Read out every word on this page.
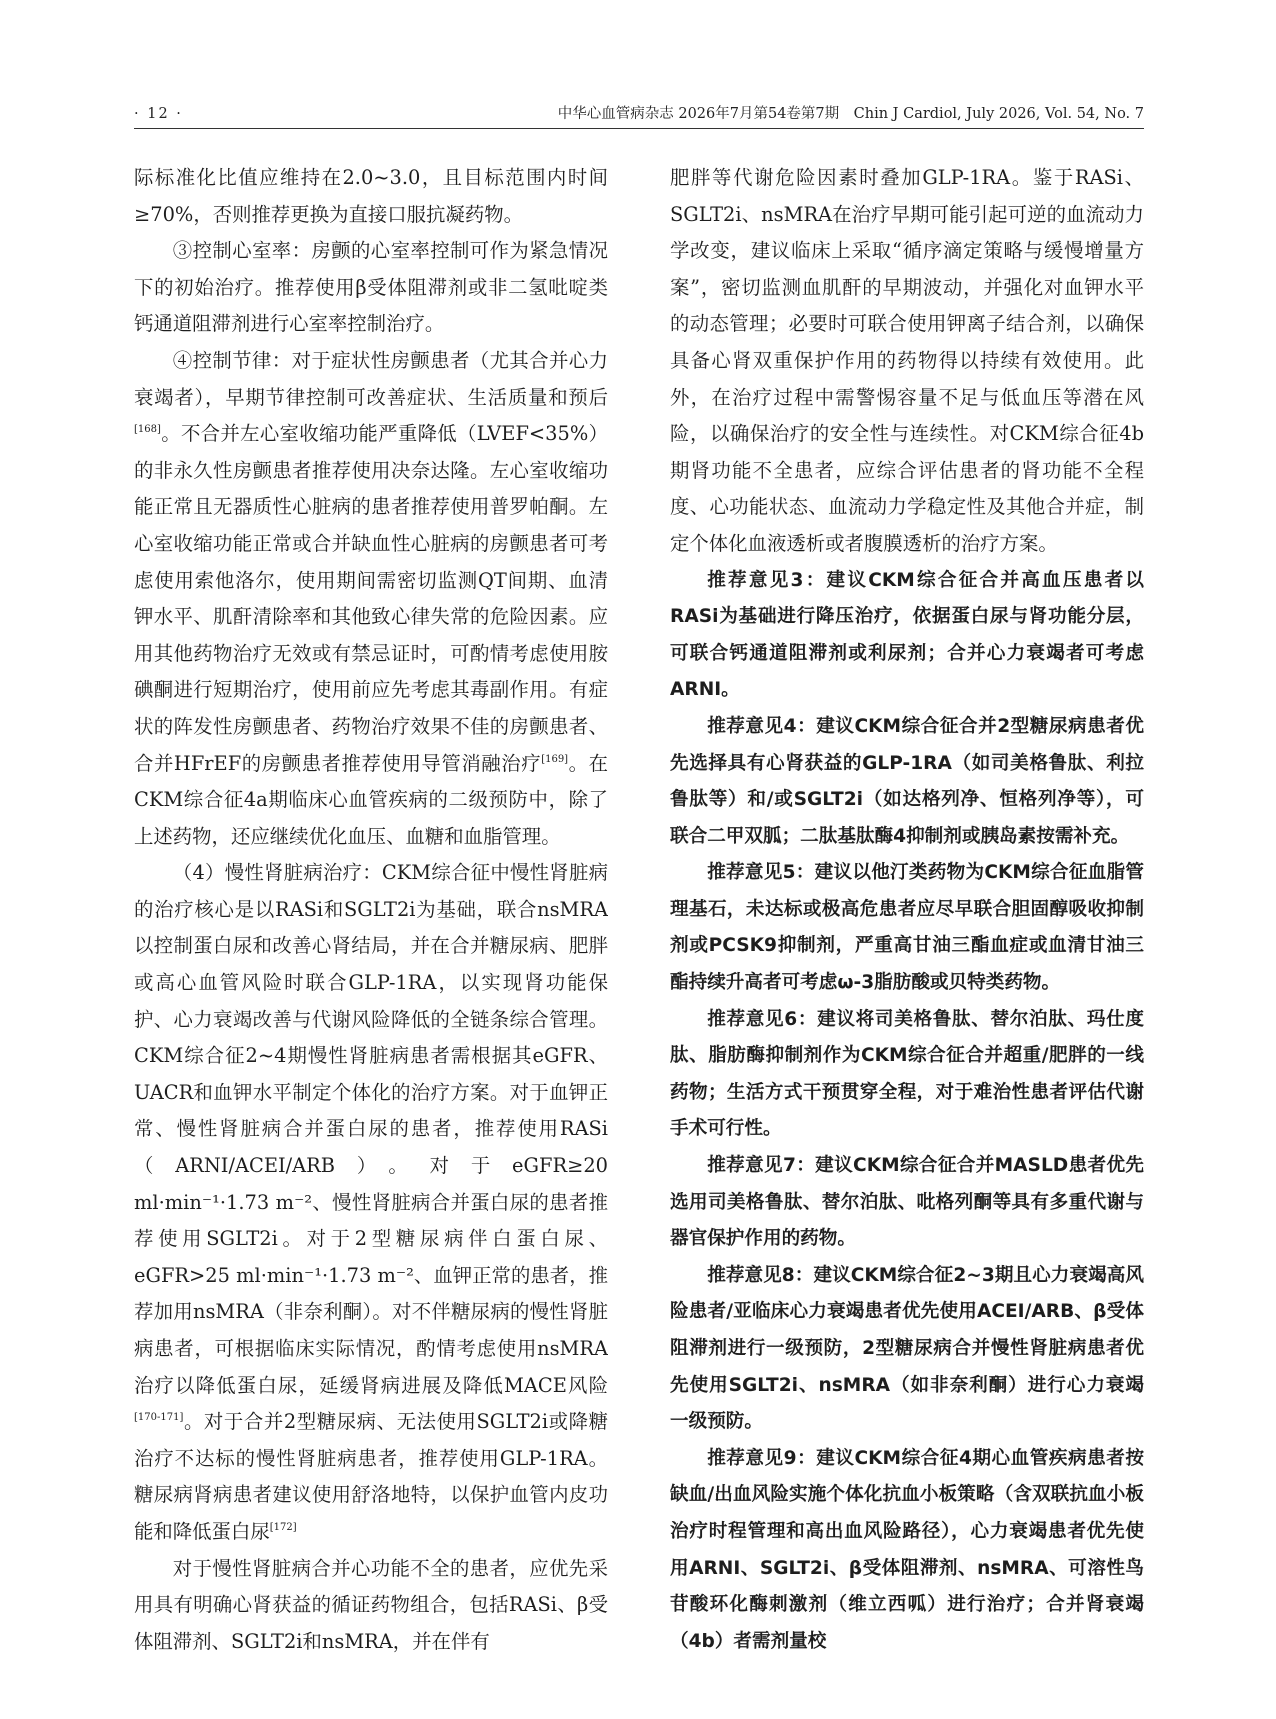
· 12 ·	中华心血管病杂志 2026年7月第54卷第7期　Chin J Cardiol, July 2026, Vol. 54, No. 7

际标准化比值应维持在2.0~3.0，且目标范围内时间≥70%，否则推荐更换为直接口服抗凝药物。

③控制心室率：房颤的心室率控制可作为紧急情况下的初始治疗。推荐使用β受体阻滞剂或非二氢吡啶类钙通道阻滞剂进行心室率控制治疗。

④控制节律：对于症状性房颤患者（尤其合并心力衰竭者），早期节律控制可改善症状、生活质量和预后[168]。不合并左心室收缩功能严重降低（LVEF<35%）的非永久性房颤患者推荐使用决奈达隆。左心室收缩功能正常且无器质性心脏病的患者推荐使用普罗帕酮。左心室收缩功能正常或合并缺血性心脏病的房颤患者可考虑使用索他洛尔，使用期间需密切监测QT间期、血清钾水平、肌酐清除率和其他致心律失常的危险因素。应用其他药物治疗无效或有禁忌证时，可酌情考虑使用胺碘酮进行短期治疗，使用前应先考虑其毒副作用。有症状的阵发性房颤患者、药物治疗效果不佳的房颤患者、合并HFrEF的房颤患者推荐使用导管消融治疗[169]。在CKM综合征4a期临床心血管疾病的二级预防中，除了上述药物，还应继续优化血压、血糖和血脂管理。

（4）慢性肾脏病治疗：CKM综合征中慢性肾脏病的治疗核心是以RASi和SGLT2i为基础，联合nsMRA以控制蛋白尿和改善心肾结局，并在合并糖尿病、肥胖或高心血管风险时联合GLP-1RA，以实现肾功能保护、心力衰竭改善与代谢风险降低的全链条综合管理。CKM综合征2~4期慢性肾脏病患者需根据其eGFR、UACR和血钾水平制定个体化的治疗方案。对于血钾正常、慢性肾脏病合并蛋白尿的患者，推荐使用RASi（ARNI/ACEI/ARB）。对于eGFR≥20 ml·min⁻¹·1.73 m⁻²、慢性肾脏病合并蛋白尿的患者推荐使用SGLT2i。对于2型糖尿病伴白蛋白尿、eGFR>25 ml·min⁻¹·1.73 m⁻²、血钾正常的患者，推荐加用nsMRA（非奈利酮）。对不伴糖尿病的慢性肾脏病患者，可根据临床实际情况，酌情考虑使用nsMRA治疗以降低蛋白尿，延缓肾病进展及降低MACE风险[170-171]。对于合并2型糖尿病、无法使用SGLT2i或降糖治疗不达标的慢性肾脏病患者，推荐使用GLP-1RA。糖尿病肾病患者建议使用舒洛地特，以保护血管内皮功能和降低蛋白尿[172]

对于慢性肾脏病合并心功能不全的患者，应优先采用具有明确心肾获益的循证药物组合，包括RASi、β受体阻滞剂、SGLT2i和nsMRA，并在伴有

肥胖等代谢危险因素时叠加GLP-1RA。鉴于RASi、SGLT2i、nsMRA在治疗早期可能引起可逆的血流动力学改变，建议临床上采取“循序滴定策略与缓慢增量方案”，密切监测血肌酐的早期波动，并强化对血钾水平的动态管理；必要时可联合使用钾离子结合剂，以确保具备心肾双重保护作用的药物得以持续有效使用。此外，在治疗过程中需警惕容量不足与低血压等潜在风险，以确保治疗的安全性与连续性。对CKM综合征4b期肾功能不全患者，应综合评估患者的肾功能不全程度、心功能状态、血流动力学稳定性及其他合并症，制定个体化血液透析或者腹膜透析的治疗方案。

推荐意见3：建议CKM综合征合并高血压患者以RASi为基础进行降压治疗，依据蛋白尿与肾功能分层，可联合钙通道阻滞剂或利尿剂；合并心力衰竭者可考虑ARNI。

推荐意见4：建议CKM综合征合并2型糖尿病患者优先选择具有心肾获益的GLP-1RA（如司美格鲁肽、利拉鲁肽等）和/或SGLT2i（如达格列净、恒格列净等），可联合二甲双胍；二肽基肽酶4抑制剂或胰岛素按需补充。

推荐意见5：建议以他汀类药物为CKM综合征血脂管理基石，未达标或极高危患者应尽早联合胆固醇吸收抑制剂或PCSK9抑制剂，严重高甘油三酯血症或血清甘油三酯持续升高者可考虑ω-3脂肪酸或贝特类药物。

推荐意见6：建议将司美格鲁肽、替尔泊肽、玛仕度肽、脂肪酶抑制剂作为CKM综合征合并超重/肥胖的一线药物；生活方式干预贯穿全程，对于难治性患者评估代谢手术可行性。

推荐意见7：建议CKM综合征合并MASLD患者优先选用司美格鲁肽、替尔泊肽、吡格列酮等具有多重代谢与器官保护作用的药物。

推荐意见8：建议CKM综合征2~3期且心力衰竭高风险患者/亚临床心力衰竭患者优先使用ACEI/ARB、β受体阻滞剂进行一级预防，2型糖尿病合并慢性肾脏病患者优先使用SGLT2i、nsMRA（如非奈利酮）进行心力衰竭一级预防。

推荐意见9：建议CKM综合征4期心血管疾病患者按缺血/出血风险实施个体化抗血小板策略（含双联抗血小板治疗时程管理和高出血风险路径），心力衰竭患者优先使用ARNI、SGLT2i、β受体阻滞剂、nsMRA、可溶性鸟苷酸环化酶刺激剂（维立西呱）进行治疗；合并肾衰竭（4b）者需剂量校
